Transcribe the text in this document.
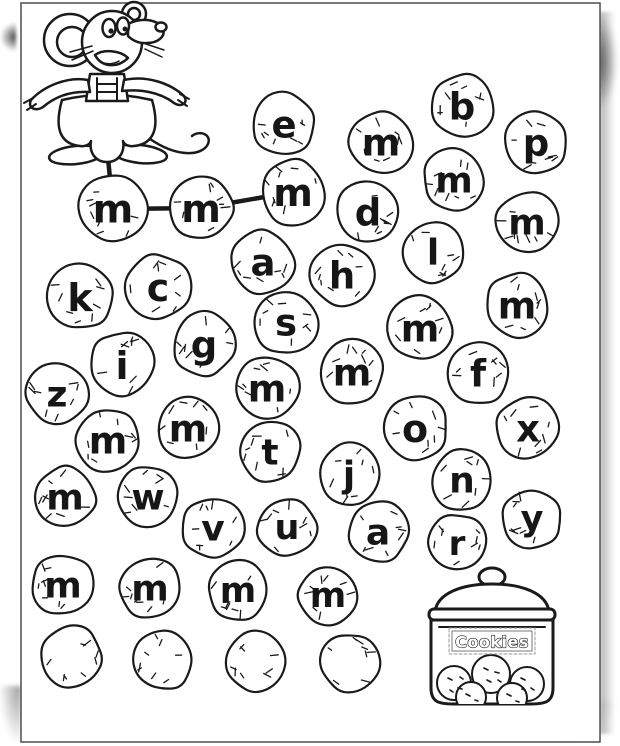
m m m
e m
b
p
m
d	m
l
a h
c
k
s
g
m
m
i	m	f
z	m
m
m	o x
t
j	n
m w
y
v u a r
m m m m
Cookies
